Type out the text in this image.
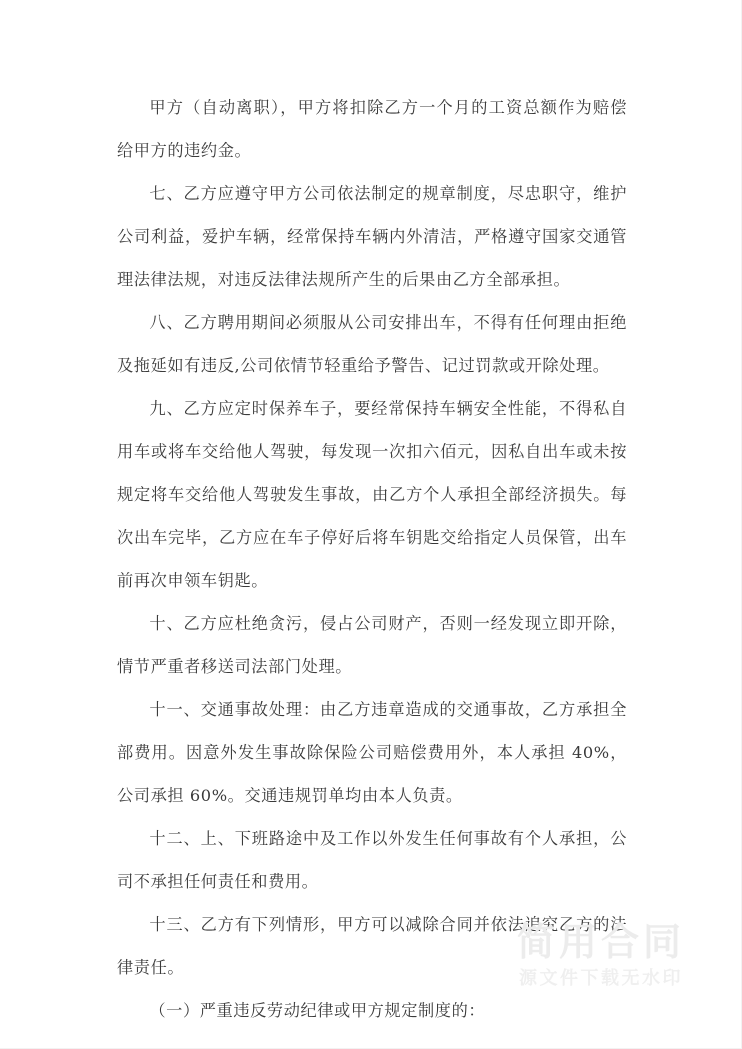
甲方（自动离职），甲方将扣除乙方一个月的工资总额作为赔偿给甲方的违约金。

七、乙方应遵守甲方公司依法制定的规章制度，尽忠职守，维护公司利益，爱护车辆，经常保持车辆内外清洁，严格遵守国家交通管理法律法规，对违反法律法规所产生的后果由乙方全部承担。

八、乙方聘用期间必须服从公司安排出车，不得有任何理由拒绝及拖延如有违反,公司依情节轻重给予警告、记过罚款或开除处理。

九、乙方应定时保养车子，要经常保持车辆安全性能，不得私自用车或将车交给他人驾驶，每发现一次扣六佰元，因私自出车或未按规定将车交给他人驾驶发生事故，由乙方个人承担全部经济损失。每次出车完毕，乙方应在车子停好后将车钥匙交给指定人员保管，出车前再次申领车钥匙。

十、乙方应杜绝贪污，侵占公司财产，否则一经发现立即开除，情节严重者移送司法部门处理。

十一、交通事故处理：由乙方违章造成的交通事故，乙方承担全部费用。因意外发生事故除保险公司赔偿费用外，本人承担 40%，公司承担 60%。交通违规罚单均由本人负责。

十二、上、下班路途中及工作以外发生任何事故有个人承担，公司不承担任何责任和费用。

十三、乙方有下列情形，甲方可以减除合同并依法追究乙方的法律责任。

（一）严重违反劳动纪律或甲方规定制度的：

简用合同
源文件下载无水印
